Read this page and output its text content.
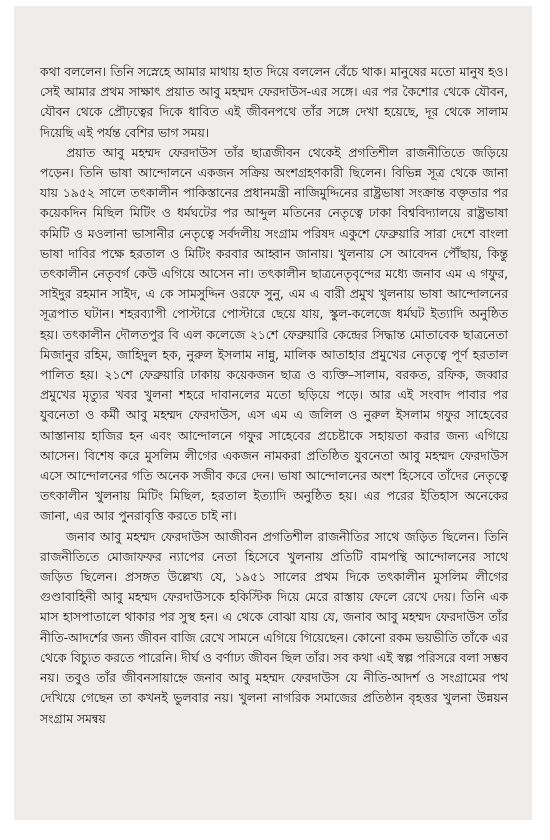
কথা বললেন। তিনি সস্নেহে আমার মাথায় হাত দিয়ে বললেন বেঁচে থাক। মানুষের মতো মানুষ হও। সেই আমার প্রথম সাক্ষাৎ প্রয়াত আবু মহম্মদ ফেরদাউস-এর সঙ্গে। এর পর কৈশোর থেকে যৌবন, যৌবন থেকে প্রৌঢ়ত্বের দিকে ধাবিত এই জীবনপথে তাঁর সঙ্গে দেখা হয়েছে, দূর থেকে সালাম দিয়েছি এই পর্যন্ত বেশির ভাগ সময়।

প্রয়াত আবু মহম্মদ ফেরদাউস তাঁর ছাত্রজীবন থেকেই প্রগতিশীল রাজনীতিতে জড়িয়ে পড়েন। তিনি ভাষা আন্দোলনে একজন সক্রিয় অংশগ্রহণকারী ছিলেন। বিভিন্ন সূত্র থেকে জানা যায় ১৯৫২ সালে তৎকালীন পাকিস্তানের প্রধানমন্ত্রী নাজিমুদ্দিনের রাষ্ট্রভাষা সংক্রান্ত বক্তৃতার পর কয়েকদিন মিছিল মিটিং ও ধর্মঘটের পর আব্দুল মতিনের নেতৃত্বে ঢাকা বিশ্ববিদ্যালয়ে রাষ্ট্রভাষা কমিটি ও মওলানা ভাসানীর নেতৃত্বে সর্বদলীয় সংগ্রাম পরিষদ একুশে ফেব্রুয়ারি সারা দেশে বাংলা ভাষা দাবির পক্ষে হরতাল ও মিটিং করবার আহ্বান জানায়। খুলনায় সে আবেদন পৌঁছায়, কিন্তু তৎকালীন নেতৃবর্গ কেউ এগিয়ে আসেন না। তৎকালীন ছাত্রনেতৃবৃন্দের মধ্যে জনাব এম এ গফুর, সাইদুর রহমান সাইদ, এ কে সামসুদ্দিন ওরফে সুনু, এম এ বারী প্রমুখ খুলনায় ভাষা আন্দোলনের সূত্রপাত ঘটান। শহরব্যাপী পোস্টারে পোস্টারে ছেয়ে যায়, স্কুল-কলেজে ধর্মঘট ইত্যাদি অনুষ্ঠিত হয়। তৎকালীন দৌলতপুর বি এল কলেজে ২১শে ফেব্রুয়ারি কেন্দ্রের সিদ্ধান্ত মোতাবেক ছাত্রনেতা মিজানুর রহিম, জাহিদুল হক, নুরুল ইসলাম নান্নু, মালিক আতাহার প্রমুখের নেতৃত্বে পূর্ণ হরতাল পালিত হয়। ২১শে ফেব্রুয়ারি ঢাকায় কয়েকজন ছাত্র ও ব্যক্তি–সালাম, বরকত, রফিক, জব্বার প্রমুখের মৃত্যুর খবর খুলনা শহরে দাবানলের মতো ছড়িয়ে পড়ে। আর এই সংবাদ পাবার পর যুবনেতা ও কর্মী আবু মহম্মদ ফেরদাউস, এস এম এ জলিল ও নুরুল ইসলাম গফুর সাহেবের আস্তানায় হাজির হন এবং আন্দোলনে গফুর সাহেবের প্রচেষ্টাকে সহায়তা করার জন্য এগিয়ে আসেন। বিশেষ করে মুসলিম লীগের একজন নামকরা প্রতিষ্ঠিত যুবনেতা আবু মহম্মদ ফেরদাউস এসে আন্দোলনের গতি অনেক সজীব করে দেন। ভাষা আন্দোলনের অংশ হিসেবে তাঁদের নেতৃত্বে তৎকালীন খুলনায় মিটিং মিছিল, হরতাল ইত্যাদি অনুষ্ঠিত হয়। এর পরের ইতিহাস অনেকের জানা, এর আর পুনরাবৃত্তি করতে চাই না।

জনাব আবু মহম্মদ ফেরদাউস আজীবন প্রগতিশীল রাজনীতির সাথে জড়িত ছিলেন। তিনি রাজনীতিতে মোজাফফর ন্যাপের নেতা হিসেবে খুলনায় প্রতিটি বামপন্থি আন্দোলনের সাথে জড়িত ছিলেন। প্রসঙ্গত উল্লেখ্য যে, ১৯৫১ সালের প্রথম দিকে তৎকালীন মুসলিম লীগের গুণ্ডাবাহিনী আবু মহম্মদ ফেরদাউসকে হকিস্টিক দিয়ে মেরে রাস্তায় ফেলে রেখে দেয়। তিনি এক মাস হাসপাতালে থাকার পর সুস্থ হন। এ থেকে বোঝা যায় যে, জনাব আবু মহম্মদ ফেরদাউস তাঁর নীতি-আদর্শের জন্য জীবন বাজি রেখে সামনে এগিয়ে গিয়েছেন। কোনো রকম ভয়ভীতি তাঁকে এর থেকে বিচ্যুত করতে পারেনি। দীর্ঘ ও বর্ণাঢ্য জীবন ছিল তাঁর। সব কথা এই স্বল্প পরিসরে বলা সম্ভব নয়। তবুও তাঁর জীবনসায়াহ্নে জনাব আবু মহম্মদ ফেরদাউস যে নীতি-আদর্শ ও সংগ্রামের পথ দেখিয়ে গেছেন তা কখনই ভুলবার নয়। খুলনা নাগরিক সমাজের প্রতিষ্ঠান বৃহত্তর খুলনা উন্নয়ন সংগ্রাম সমন্বয়
